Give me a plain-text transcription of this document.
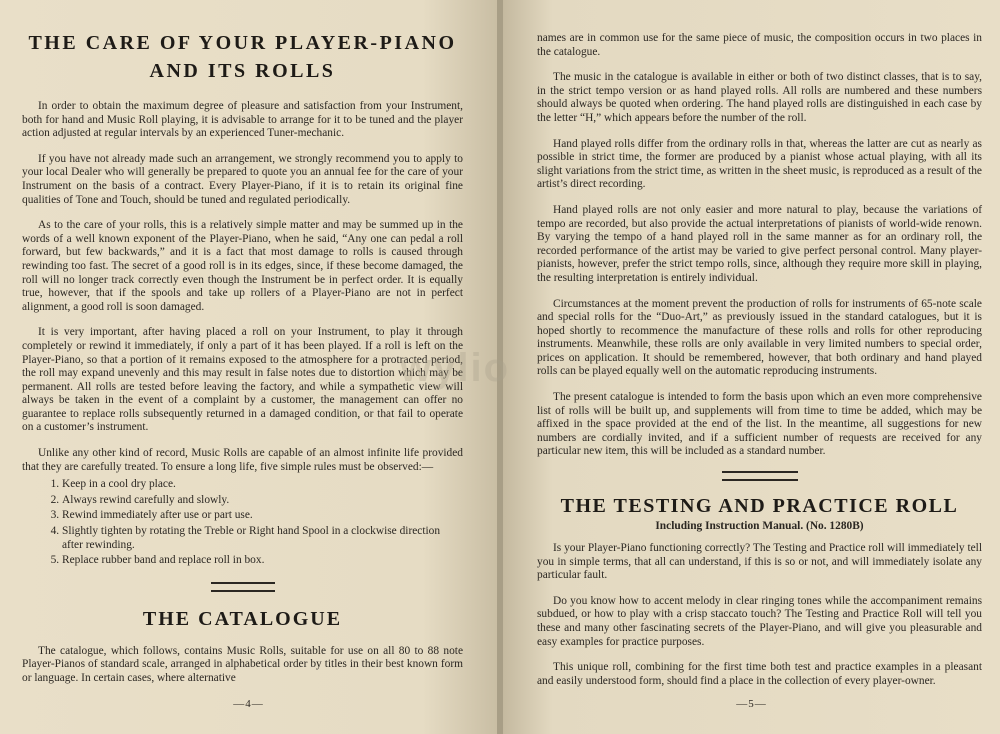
THE CARE OF YOUR PLAYER-PIANO
AND ITS ROLLS

In order to obtain the maximum degree of pleasure and satisfaction from your Instrument, both for hand and Music Roll playing, it is advisable to arrange for it to be tuned and the player action adjusted at regular intervals by an experienced Tuner-mechanic.

If you have not already made such an arrangement, we strongly recommend you to apply to your local Dealer who will generally be prepared to quote you an annual fee for the care of your Instrument on the basis of a contract. Every Player-Piano, if it is to retain its original fine qualities of Tone and Touch, should be tuned and regulated periodically.

As to the care of your rolls, this is a relatively simple matter and may be summed up in the words of a well known exponent of the Player-Piano, when he said, “Any one can pedal a roll forward, but few backwards,” and it is a fact that most damage to rolls is caused through rewinding too fast. The secret of a good roll is in its edges, since, if these become damaged, the roll will no longer track correctly even though the Instrument be in perfect order. It is equally true, however, that if the spools and take up rollers of a Player-Piano are not in perfect alignment, a good roll is soon damaged.

It is very important, after having placed a roll on your Instrument, to play it through completely or rewind it immediately, if only a part of it has been played. If a roll is left on the Player-Piano, so that a portion of it remains exposed to the atmosphere for a protracted period, the roll may expand unevenly and this may result in false notes due to distortion which may be permanent. All rolls are tested before leaving the factory, and while a sympathetic view will always be taken in the event of a complaint by a customer, the management can offer no guarantee to replace rolls subsequently returned in a damaged condition, or that fail to operate on a customer’s instrument.

Unlike any other kind of record, Music Rolls are capable of an almost infinite life provided that they are carefully treated. To ensure a long life, five simple rules must be observed:—

1. Keep in a cool dry place.
2. Always rewind carefully and slowly.
3. Rewind immediately after use or part use.
4. Slightly tighten by rotating the Treble or Right hand Spool in a clockwise direction after rewinding.
5. Replace rubber band and replace roll in box.
THE CATALOGUE

The catalogue, which follows, contains Music Rolls, suitable for use on all 80 to 88 note Player-Pianos of standard scale, arranged in alphabetical order by titles in their best known form or language. In certain cases, where alternative

—4—

names are in common use for the same piece of music, the composition occurs in two places in the catalogue.

The music in the catalogue is available in either or both of two distinct classes, that is to say, in the strict tempo version or as hand played rolls. All rolls are numbered and these numbers should always be quoted when ordering. The hand played rolls are distinguished in each case by the letter “H,” which appears before the number of the roll.

Hand played rolls differ from the ordinary rolls in that, whereas the latter are cut as nearly as possible in strict time, the former are produced by a pianist whose actual playing, with all its slight variations from the strict time, as written in the sheet music, is reproduced as a result of the artist’s direct recording.

Hand played rolls are not only easier and more natural to play, because the variations of tempo are recorded, but also provide the actual interpretations of pianists of world-wide renown. By varying the tempo of a hand played roll in the same manner as for an ordinary roll, the recorded performance of the artist may be varied to give perfect personal control. Many player-pianists, however, prefer the strict tempo rolls, since, although they require more skill in playing, the resulting interpretation is entirely individual.

Circumstances at the moment prevent the production of rolls for instruments of 65-note scale and special rolls for the “Duo-Art,” as previously issued in the standard catalogues, but it is hoped shortly to recommence the manufacture of these rolls and rolls for other reproducing instruments. Meanwhile, these rolls are only available in very limited numbers to special order, prices on application. It should be remembered, however, that both ordinary and hand played rolls can be played equally well on the automatic reproducing instruments.

The present catalogue is intended to form the basis upon which an even more comprehensive list of rolls will be built up, and supplements will from time to time be added, which may be affixed in the space provided at the end of the list. In the meantime, all suggestions for new numbers are cordially invited, and if a sufficient number of requests are received for any particular new item, this will be included as a standard number.

THE TESTING AND PRACTICE ROLL
Including Instruction Manual. (No. 1280B)

Is your Player-Piano functioning correctly? The Testing and Practice roll will immediately tell you in simple terms, that all can understand, if this is so or not, and will immediately isolate any particular fault.

Do you know how to accent melody in clear ringing tones while the accompaniment remains subdued, or how to play with a crisp staccato touch? The Testing and Practice Roll will tell you these and many other fascinating secrets of the Player-Piano, and will give you pleasurable and easy examples for practice purposes.

This unique roll, combining for the first time both test and practice examples in a pleasant and easily understood form, should find a place in the collection of every player-owner.

—5—
wylio
